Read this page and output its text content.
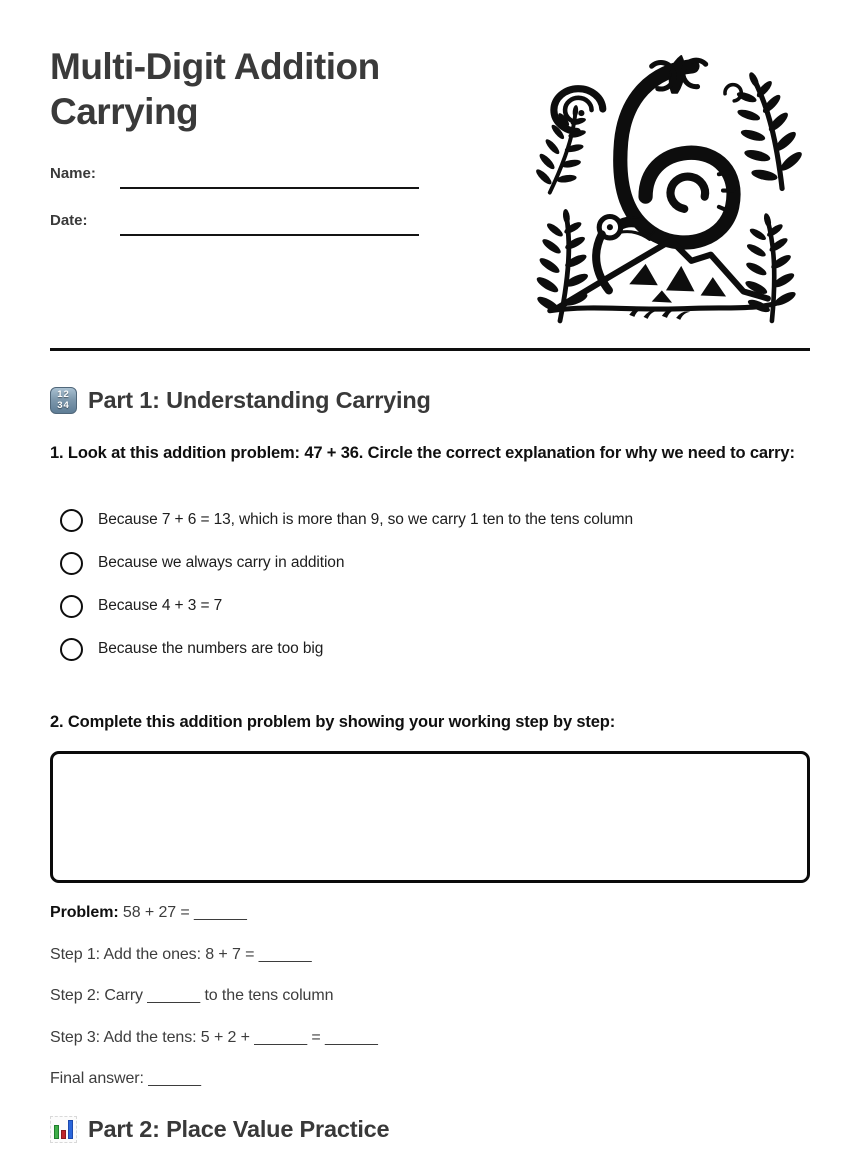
Multi-Digit Addition Carrying
Name:
Date:
12
34 Part 1: Understanding Carrying
1. Look at this addition problem: 47 + 36. Circle the correct explanation for why we need to carry:
Because 7 + 6 = 13, which is more than 9, so we carry 1 ten to the tens column
Because we always carry in addition
Because 4 + 3 = 7
Because the numbers are too big
2. Complete this addition problem by showing your working step by step:

Problem: 58 + 27 = ______

Step 1: Add the ones: 8 + 7 = ______

Step 2: Carry ______ to the tens column

Step 3: Add the tens: 5 + 2 + ______ = ______

Final answer: ______

Part 2: Place Value Practice
